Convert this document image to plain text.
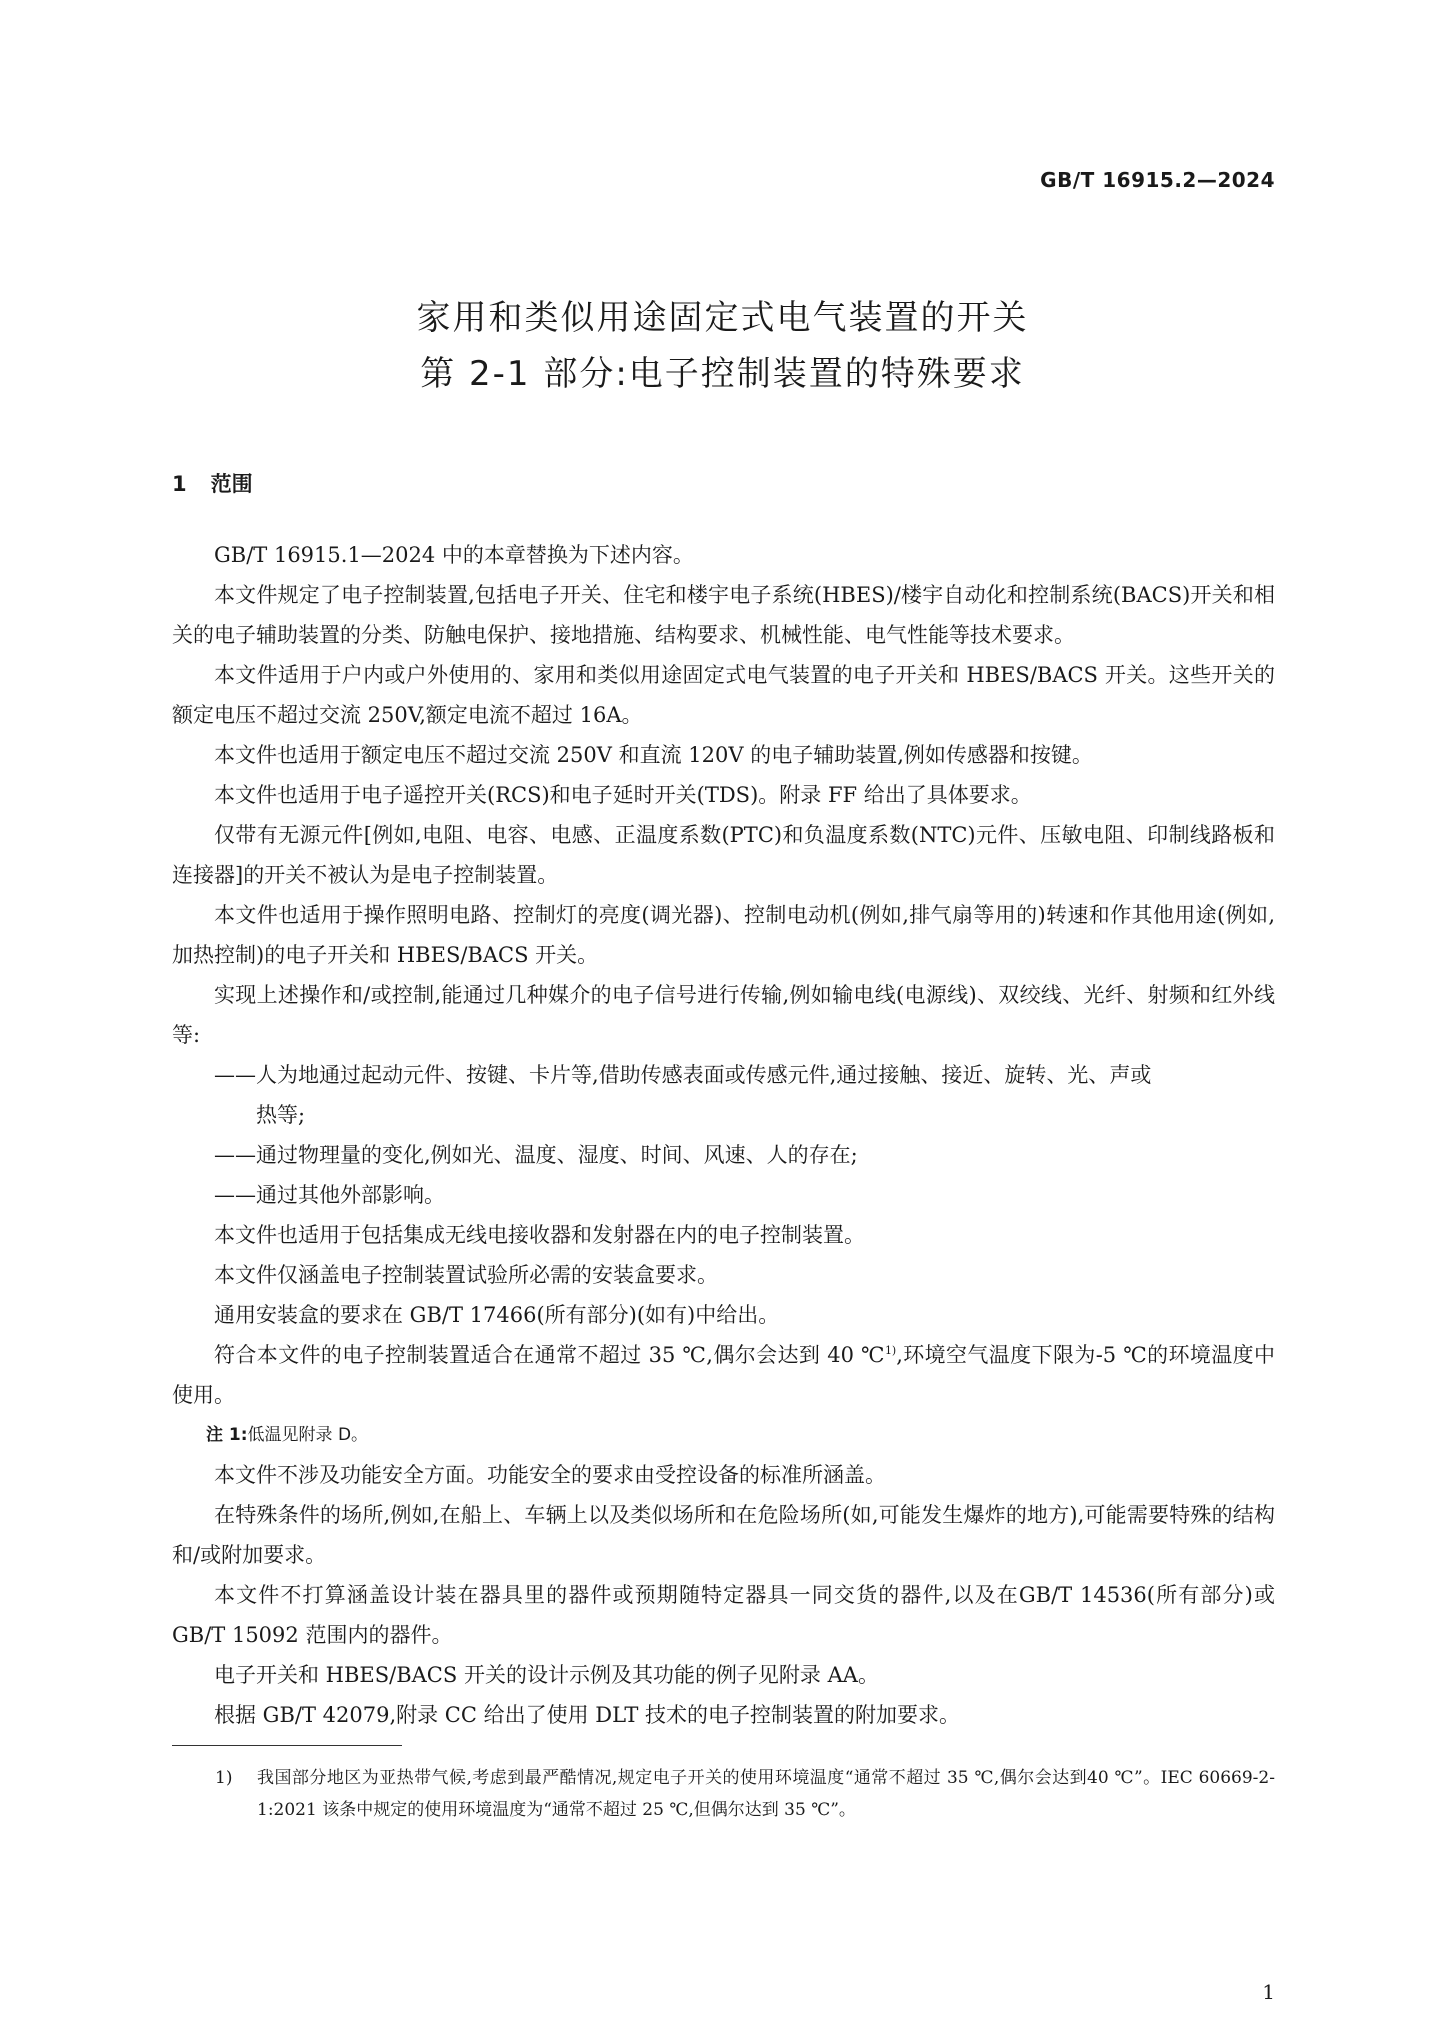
GB/T 16915.2—2024
家用和类似用途固定式电气装置的开关
第 2-1 部分:电子控制装置的特殊要求
1 范围

GB/T 16915.1—2024 中的本章替换为下述内容。

本文件规定了电子控制装置,包括电子开关、住宅和楼宇电子系统(HBES)/楼宇自动化和控制系统(BACS)开关和相关的电子辅助装置的分类、防触电保护、接地措施、结构要求、机械性能、电气性能等技术要求。

本文件适用于户内或户外使用的、家用和类似用途固定式电气装置的电子开关和 HBES/BACS 开关。这些开关的额定电压不超过交流 250V,额定电流不超过 16A。

本文件也适用于额定电压不超过交流 250V 和直流 120V 的电子辅助装置,例如传感器和按键。

本文件也适用于电子遥控开关(RCS)和电子延时开关(TDS)。附录 FF 给出了具体要求。

仅带有无源元件[例如,电阻、电容、电感、正温度系数(PTC)和负温度系数(NTC)元件、压敏电阻、印制线路板和连接器]的开关不被认为是电子控制装置。

本文件也适用于操作照明电路、控制灯的亮度(调光器)、控制电动机(例如,排气扇等用的)转速和作其他用途(例如,加热控制)的电子开关和 HBES/BACS 开关。

实现上述操作和/或控制,能通过几种媒介的电子信号进行传输,例如输电线(电源线)、双绞线、光纤、射频和红外线等:

——人为地通过起动元件、按键、卡片等,借助传感表面或传感元件,通过接触、接近、旋转、光、声或
热等;

——通过物理量的变化,例如光、温度、湿度、时间、风速、人的存在;

——通过其他外部影响。

本文件也适用于包括集成无线电接收器和发射器在内的电子控制装置。

本文件仅涵盖电子控制装置试验所必需的安装盒要求。

通用安装盒的要求在 GB/T 17466(所有部分)(如有)中给出。

符合本文件的电子控制装置适合在通常不超过 35 ℃,偶尔会达到 40 ℃$^{1)}$,环境空气温度下限为-5 ℃的环境温度中使用。

注 1:低温见附录 D。

本文件不涉及功能安全方面。功能安全的要求由受控设备的标准所涵盖。

在特殊条件的场所,例如,在船上、车辆上以及类似场所和在危险场所(如,可能发生爆炸的地方),可能需要特殊的结构和/或附加要求。

本文件不打算涵盖设计装在器具里的器件或预期随特定器具一同交货的器件,以及在GB/T 14536(所有部分)或 GB/T 15092 范围内的器件。

电子开关和 HBES/BACS 开关的设计示例及其功能的例子见附录 AA。

根据 GB/T 42079,附录 CC 给出了使用 DLT 技术的电子控制装置的附加要求。

1) 我国部分地区为亚热带气候,考虑到最严酷情况,规定电子开关的使用环境温度“通常不超过 35 ℃,偶尔会达到40 ℃”。IEC 60669-2-1:2021 该条中规定的使用环境温度为“通常不超过 25 ℃,但偶尔达到 35 ℃”。
1
